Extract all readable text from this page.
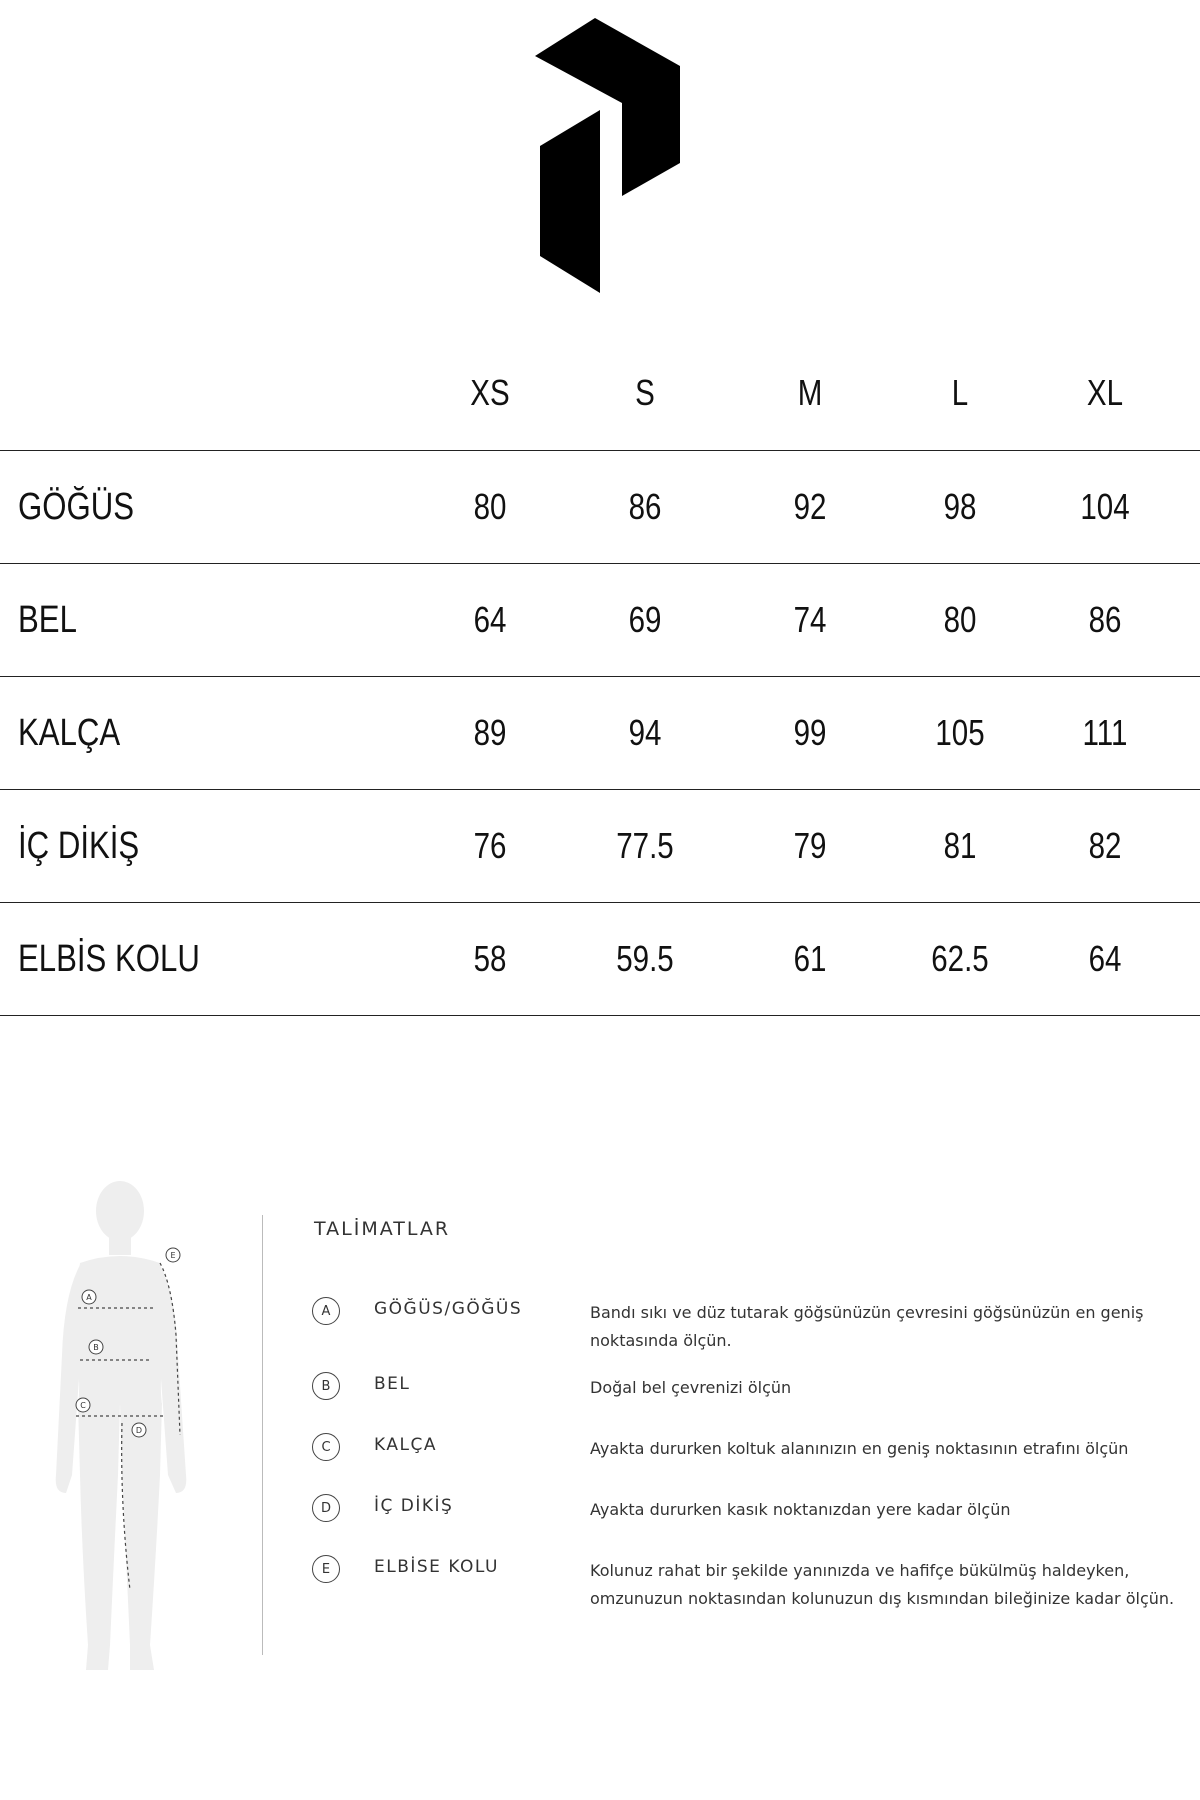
XS	S	M	L	XL
GÖĞÜS	80	86	92	98	104
BEL	64	69	74	80	86
KALÇA	89	94	99	105	111
İÇ DİKİŞ	76	77.5	79	81	82
ELBİS KOLU	58	59.5	61	62.5	64
A
B
C
D
E
TALİMATLAR
A	GÖĞÜS/GÖĞÜS	Bandı sıkı ve düz tutarak göğsünüzün çevresini göğsünüzün en geniş noktasında ölçün.
B	BEL	Doğal bel çevrenizi ölçün
C	KALÇA	Ayakta dururken koltuk alanınızın en geniş noktasının etrafını ölçün
D	İÇ DİKİŞ	Ayakta dururken kasık noktanızdan yere kadar ölçün
E	ELBİSE KOLU	Kolunuz rahat bir şekilde yanınızda ve hafifçe bükülmüş haldeyken, omzunuzun noktasından kolunuzun dış kısmından bileğinize kadar ölçün.
